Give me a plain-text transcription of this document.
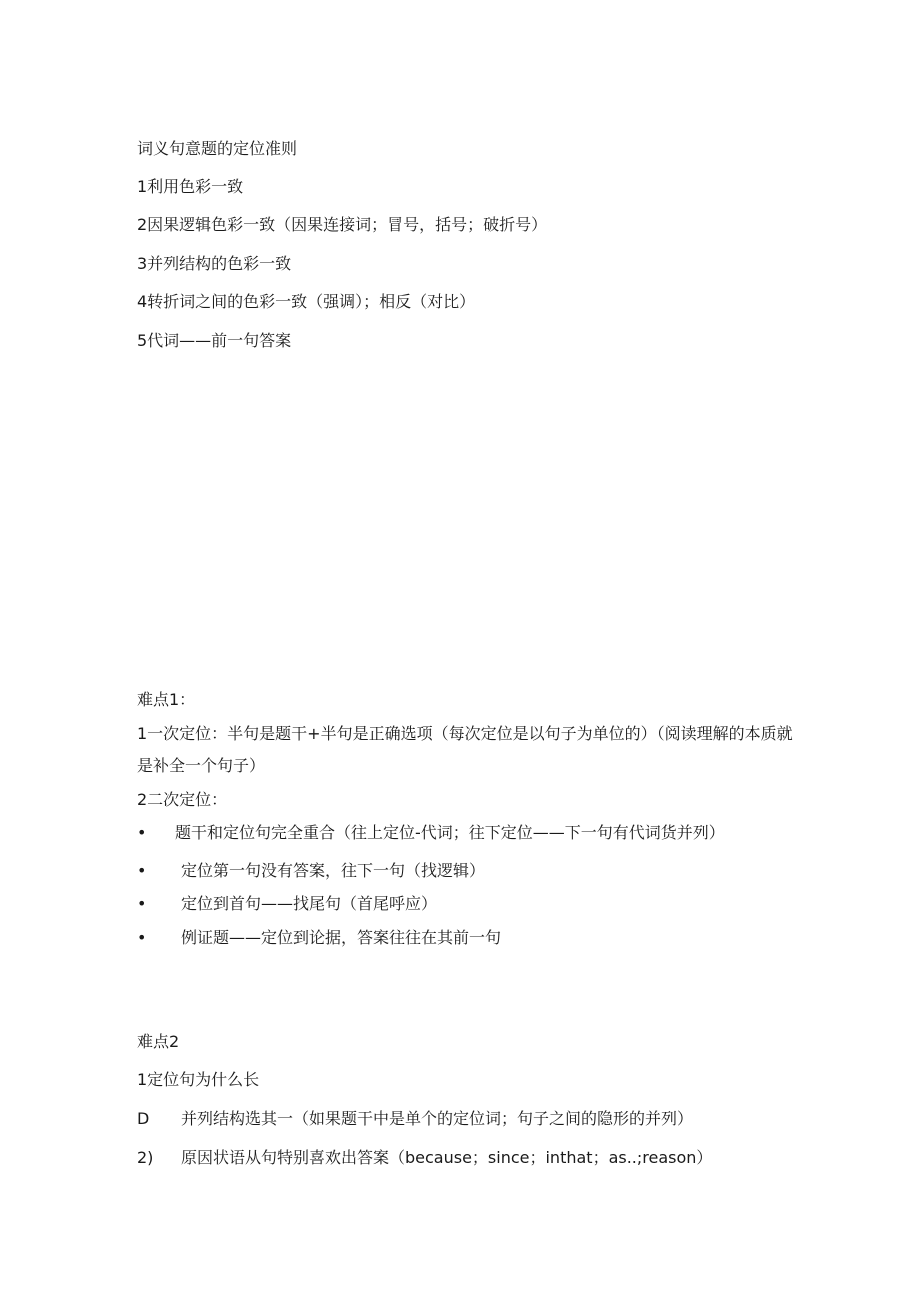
词义句意题的定位准则
1利用色彩一致
2因果逻辑色彩一致（因果连接词；冒号，括号；破折号）
3并列结构的色彩一致
4转折词之间的色彩一致（强调）；相反（对比）
5代词——前一句答案
难点1：
1一次定位：半句是题干+半句是正确选项（每次定位是以句子为单位的）（阅读理解的本质就是补全一个句子）
2二次定位：
• 题干和定位句完全重合（往上定位-代词；往下定位——下一句有代词货并列）
• 定位第一句没有答案，往下一句（找逻辑）
• 定位到首句——找尾句（首尾呼应）
• 例证题——定位到论据，答案往往在其前一句
难点2
1定位句为什么长
D 并列结构选其一（如果题干中是单个的定位词；句子之间的隐形的并列）
2) 原因状语从句特别喜欢出答案（because；since；inthat；as..;reason）
